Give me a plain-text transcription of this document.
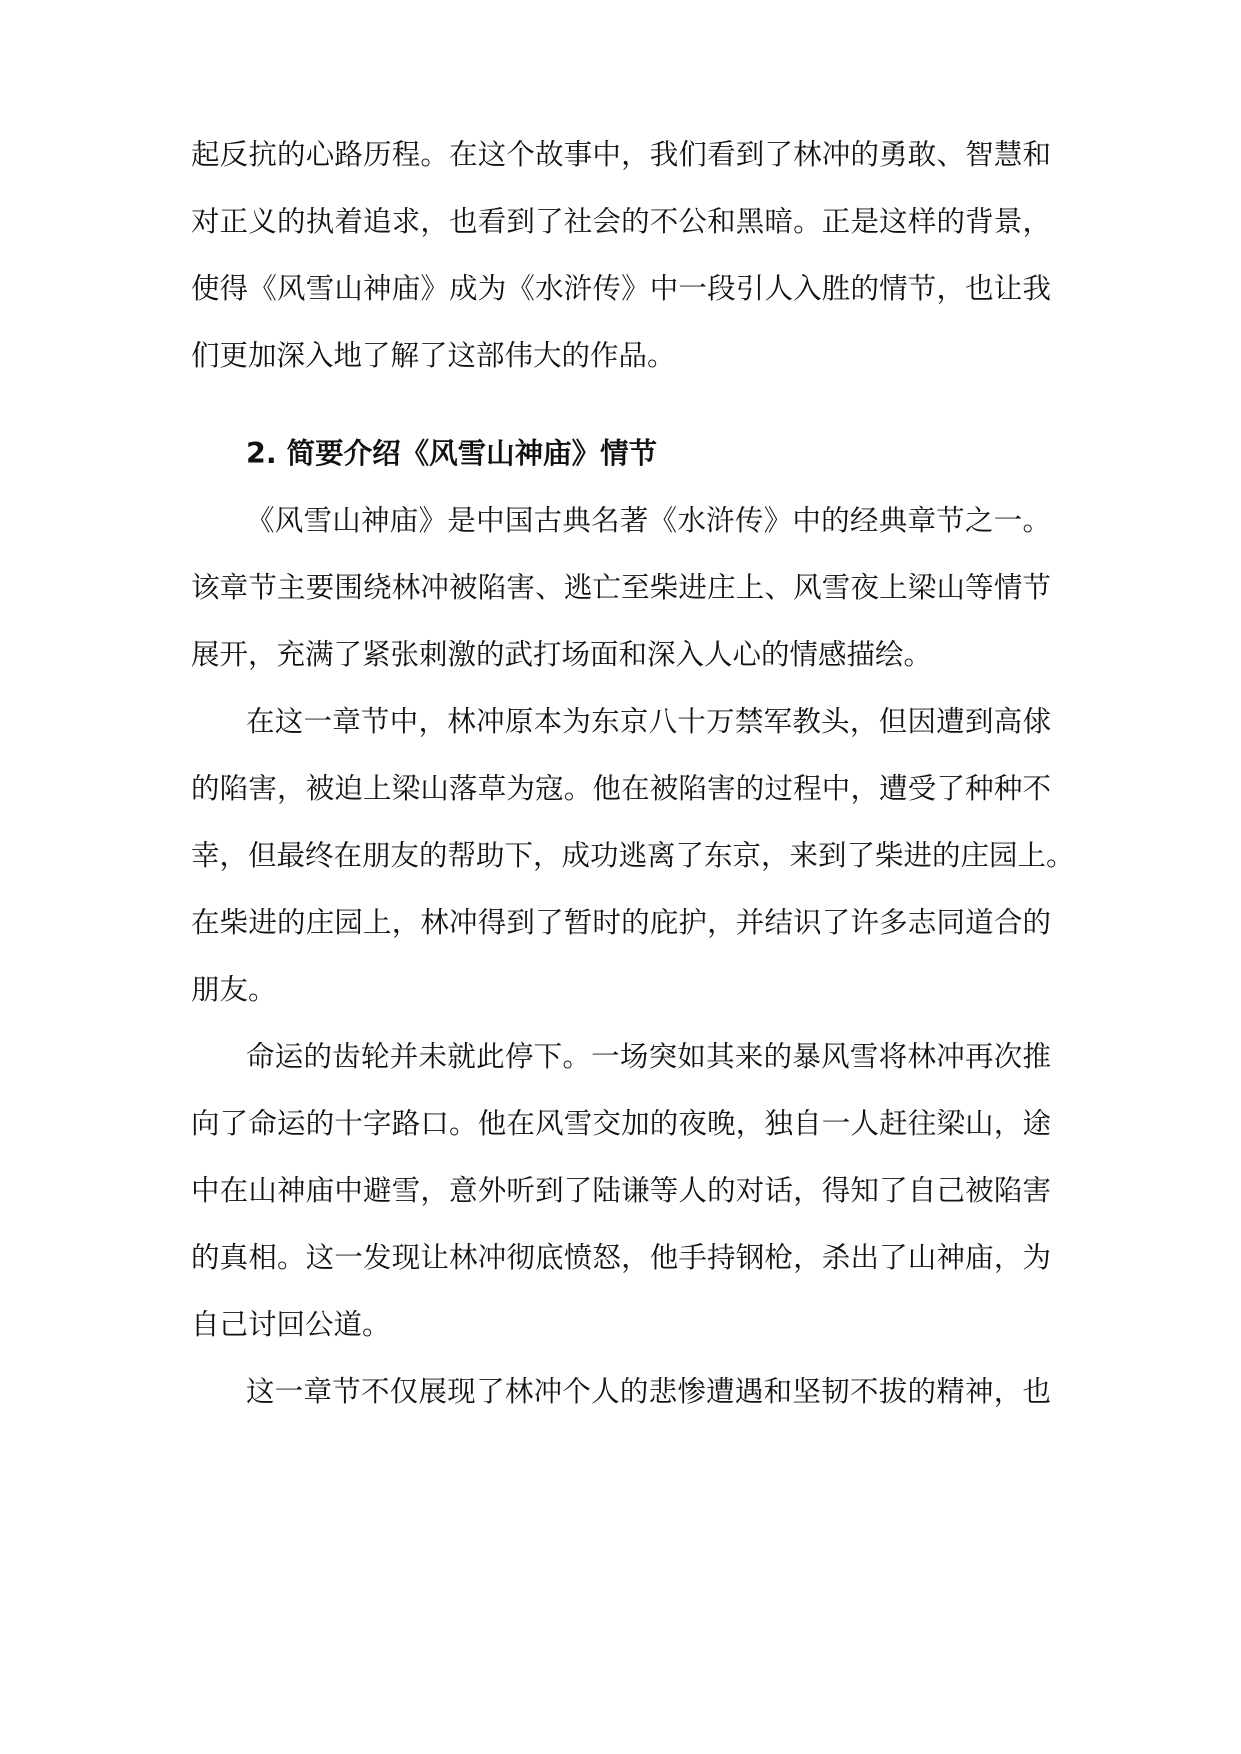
起反抗的心路历程。在这个故事中，我们看到了林冲的勇敢、智慧和
对正义的执着追求，也看到了社会的不公和黑暗。正是这样的背景，
使得《风雪山神庙》成为《水浒传》中一段引人入胜的情节，也让我
们更加深入地了解了这部伟大的作品。
2. 简要介绍《风雪山神庙》情节
《风雪山神庙》是中国古典名著《水浒传》中的经典章节之一。
该章节主要围绕林冲被陷害、逃亡至柴进庄上、风雪夜上梁山等情节
展开，充满了紧张刺激的武打场面和深入人心的情感描绘。
在这一章节中，林冲原本为东京八十万禁军教头，但因遭到高俅
的陷害，被迫上梁山落草为寇。他在被陷害的过程中，遭受了种种不
幸，但最终在朋友的帮助下，成功逃离了东京，来到了柴进的庄园上。
在柴进的庄园上，林冲得到了暂时的庇护，并结识了许多志同道合的
朋友。
命运的齿轮并未就此停下。一场突如其来的暴风雪将林冲再次推
向了命运的十字路口。他在风雪交加的夜晚，独自一人赶往梁山，途
中在山神庙中避雪，意外听到了陆谦等人的对话，得知了自己被陷害
的真相。这一发现让林冲彻底愤怒，他手持钢枪，杀出了山神庙，为
自己讨回公道。
这一章节不仅展现了林冲个人的悲惨遭遇和坚韧不拔的精神，也
